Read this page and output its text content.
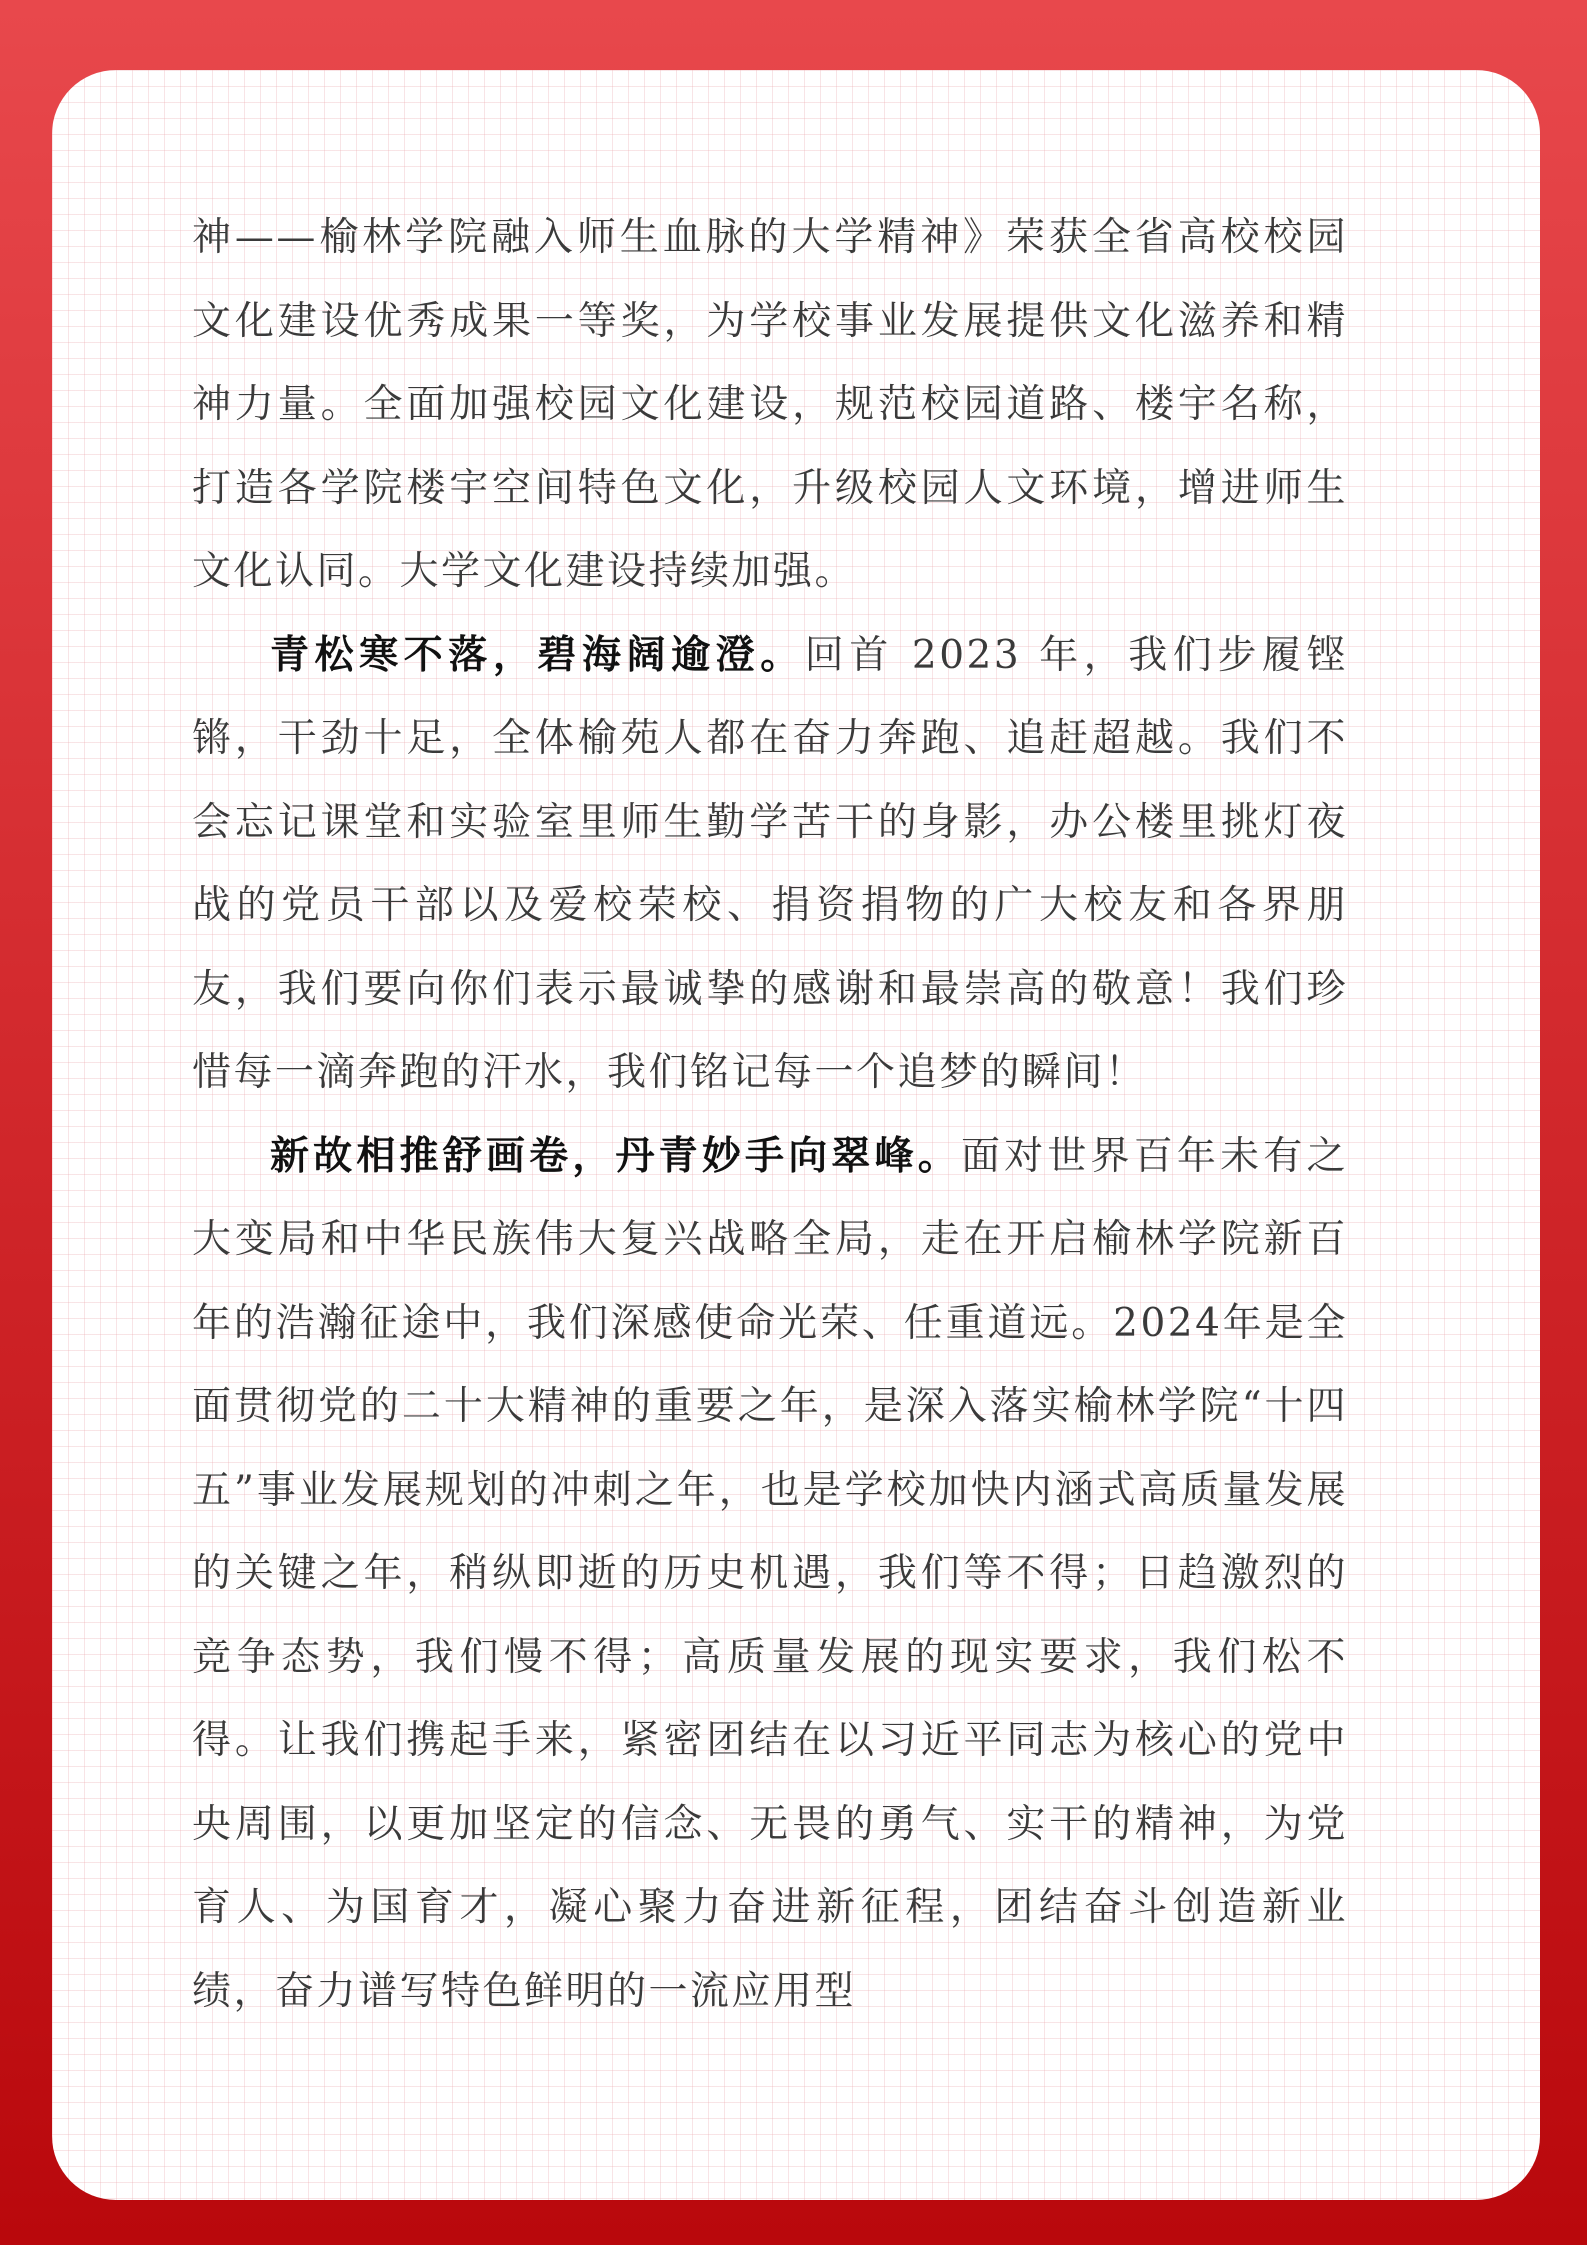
神——榆林学院融入师生血脉的大学精神》荣获全省高校校园文化建设优秀成果一等奖，为学校事业发展提供文化滋养和精神力量。全面加强校园文化建设，规范校园道路、楼宇名称，打造各学院楼宇空间特色文化，升级校园人文环境，增进师生文化认同。大学文化建设持续加强。

青松寒不落，碧海阔逾澄。回首 2023 年，我们步履铿锵，干劲十足，全体榆苑人都在奋力奔跑、追赶超越。我们不会忘记课堂和实验室里师生勤学苦干的身影，办公楼里挑灯夜战的党员干部以及爱校荣校、捐资捐物的广大校友和各界朋友，我们要向你们表示最诚挚的感谢和最崇高的敬意！我们珍惜每一滴奔跑的汗水，我们铭记每一个追梦的瞬间！

新故相推舒画卷，丹青妙手向翠峰。面对世界百年未有之大变局和中华民族伟大复兴战略全局，走在开启榆林学院新百年的浩瀚征途中，我们深感使命光荣、任重道远。2024年是全面贯彻党的二十大精神的重要之年，是深入落实榆林学院“十四五”事业发展规划的冲刺之年，也是学校加快内涵式高质量发展的关键之年，稍纵即逝的历史机遇，我们等不得；日趋激烈的竞争态势，我们慢不得；高质量发展的现实要求，我们松不得。让我们携起手来，紧密团结在以习近平同志为核心的党中央周围，以更加坚定的信念、无畏的勇气、实干的精神，为党育人、为国育才，凝心聚力奋进新征程，团结奋斗创造新业绩，奋力谱写特色鲜明的一流应用型
